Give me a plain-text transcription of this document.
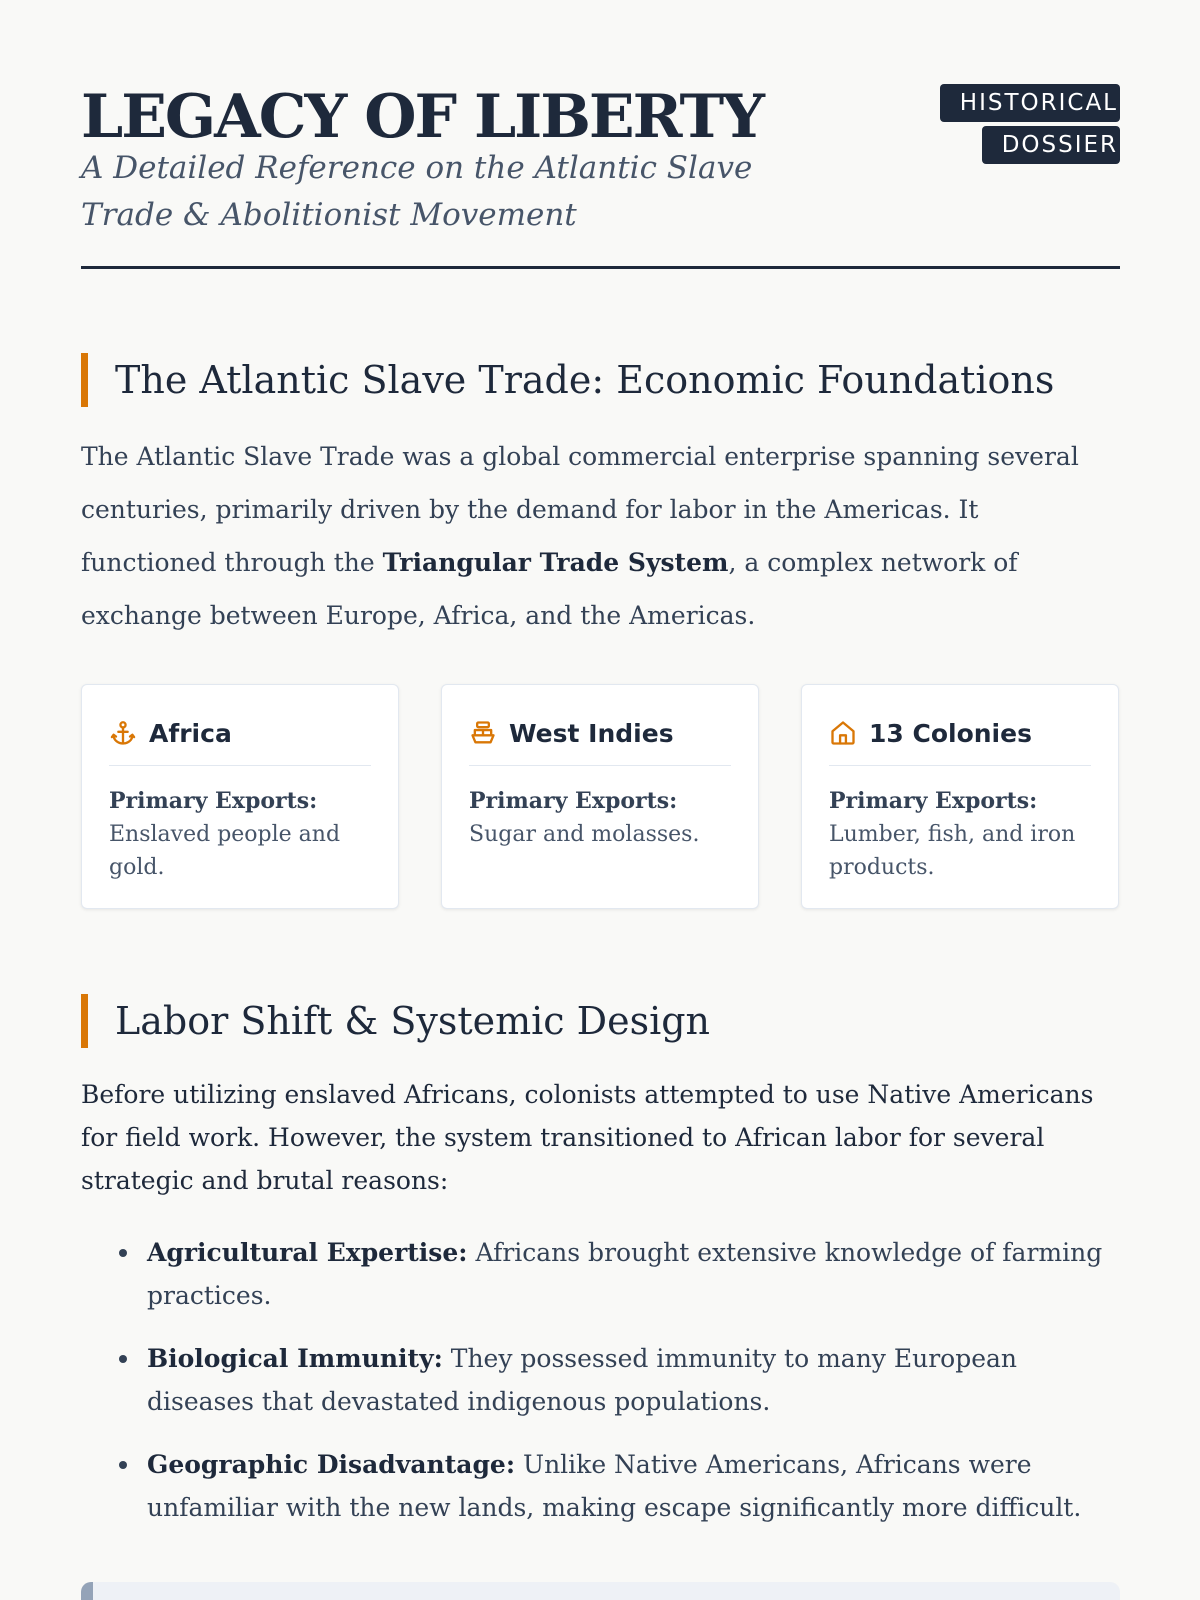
LEGACY OF LIBERTY

A Detailed Reference on the Atlantic Slave Trade & Abolitionist Movement

HISTORICAL DOSSIER
The Atlantic Slave Trade: Economic Foundations

The Atlantic Slave Trade was a global commercial enterprise spanning several centuries, primarily driven by the demand for labor in the Americas. It functioned through the Triangular Trade System, a complex network of exchange between Europe, Africa, and the Americas.

Africa
Primary Exports:
Enslaved people and gold.
West Indies
Primary Exports:
Sugar and molasses.
13 Colonies
Primary Exports:
Lumber, fish, and iron products.
Labor Shift & Systemic Design

Before utilizing enslaved Africans, colonists attempted to use Native Americans for field work. However, the system transitioned to African labor for several strategic and brutal reasons:

Agricultural Expertise: Africans brought extensive knowledge of farming practices.
Biological Immunity: They possessed immunity to many European diseases that devastated indigenous populations.
Geographic Disadvantage: Unlike Native Americans, Africans were unfamiliar with the new lands, making escape significantly more difficult.
